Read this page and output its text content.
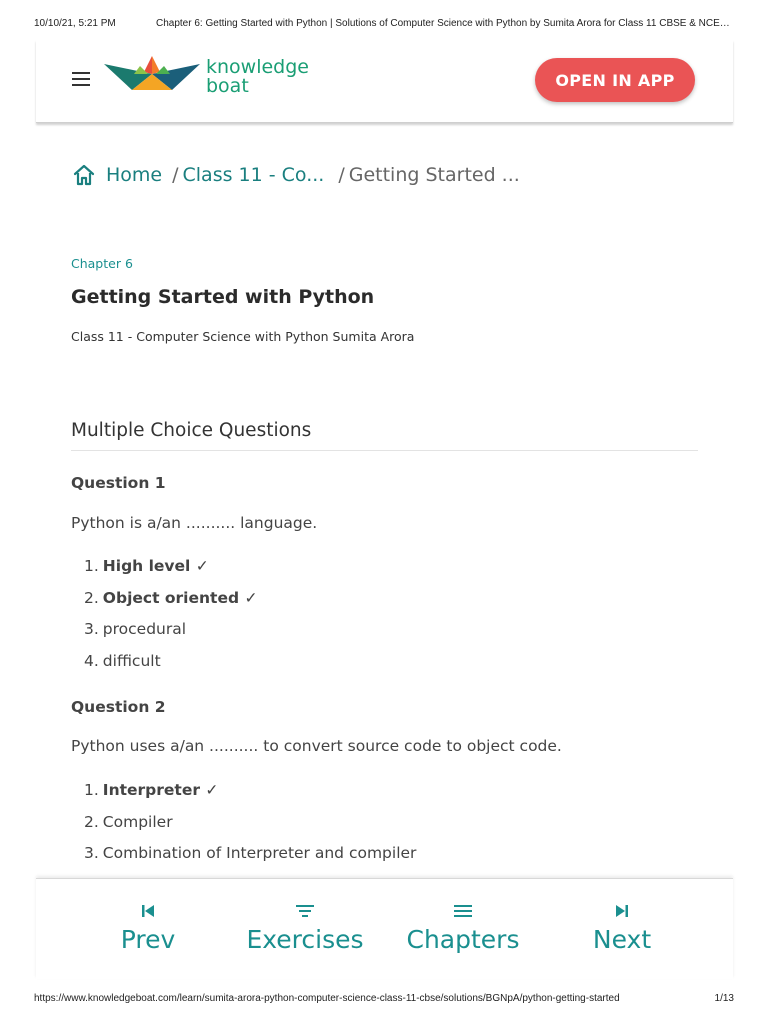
10/10/21, 5:21 PM	Chapter 6: Getting Started with Python | Solutions of Computer Science with Python by Sumita Arora for Class 11 CBSE & NCE…
knowledge
boat	OPEN IN APP
Home / Class 11 - Co... / Getting Started ...
Chapter 6
Getting Started with Python
Class 11 - Computer Science with Python Sumita Arora
Multiple Choice Questions
Question 1
Python is a/an .......... language.
1. High level ✓
2. Object oriented ✓
3. procedural
4. difficult
Question 2
Python uses a/an .......... to convert source code to object code.
1. Interpreter ✓
2. Compiler
3. Combination of Interpreter and compiler
Prev	Exercises	Chapters	Next
https://www.knowledgeboat.com/learn/sumita-arora-python-computer-science-class-11-cbse/solutions/BGNpA/python-getting-started	1/13
